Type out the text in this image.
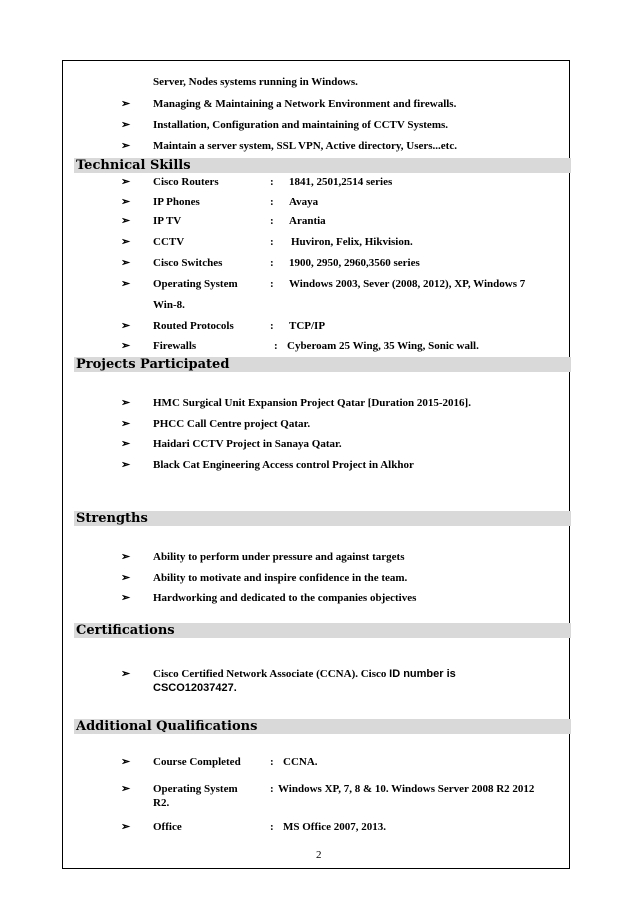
Server, Nodes systems running in Windows.
➢ Managing & Maintaining a Network Environment and firewalls.
➢ Installation, Configuration and maintaining of CCTV Systems.
➢ Maintain a server system, SSL VPN, Active directory, Users...etc.
Technical Skills
➢ Cisco Routers	: 1841, 2501,2514 series
➢ IP Phones	: Avaya
➢ IP TV	: Arantia
➢ CCTV	: Huviron, Felix, Hikvision.
➢ Cisco Switches	: 1900, 2950, 2960,3560 series
➢ Operating System	: Windows 2003, Sever (2008, 2012), XP, Windows 7
Win-8.
➢ Routed Protocols	: TCP/IP
➢ Firewalls	: Cyberoam 25 Wing, 35 Wing, Sonic wall.
Projects Participated
➢ HMC Surgical Unit Expansion Project Qatar [Duration 2015-2016].
➢ PHCC Call Centre project Qatar.
➢ Haidari CCTV Project in Sanaya Qatar.
➢ Black Cat Engineering Access control Project in Alkhor
Strengths
➢ Ability to perform under pressure and against targets
➢ Ability to motivate and inspire confidence in the team.
➢ Hardworking and dedicated to the companies objectives
Certifications
➢ Cisco Certified Network Associate (CCNA). Cisco ID number is
CSCO12037427.
Additional Qualifications
➢ Course Completed	: CCNA.
➢ Operating System	: Windows XP, 7, 8 & 10. Windows Server 2008 R2 2012
R2.
➢ Office	: MS Office 2007, 2013.
2
